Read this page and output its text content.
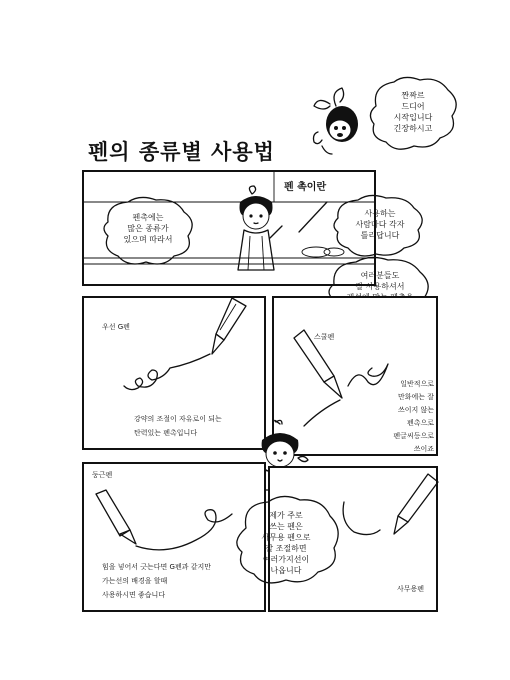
짠짜르
드디어
시작입니다
긴장하시고
펜의 종류별 사용법
펜 촉이란
펜촉에는
많은 종류가
있으며 따라서
사용하는
사람마다 각자
틀리답니다
여러분들도
잘 사용하셔서
우선 G펜
강약의 조절이 자유로이 되는
탄력있는 펜촉입니다
스쿨펜
일반적으로
만화에는 잘
쓰이지 않는
펜촉으로
펜글씨등으로
쓰이죠
둥근펜
힘을 넣어서 긋는다면 G펜과 같지만
가는선의 배경을 할때
사용하시면 좋습니다
사무용펜
제가 주로
쓰는 펜은
사무용 펜으로
잘 조절하면
여러가지선이
나옵니다
